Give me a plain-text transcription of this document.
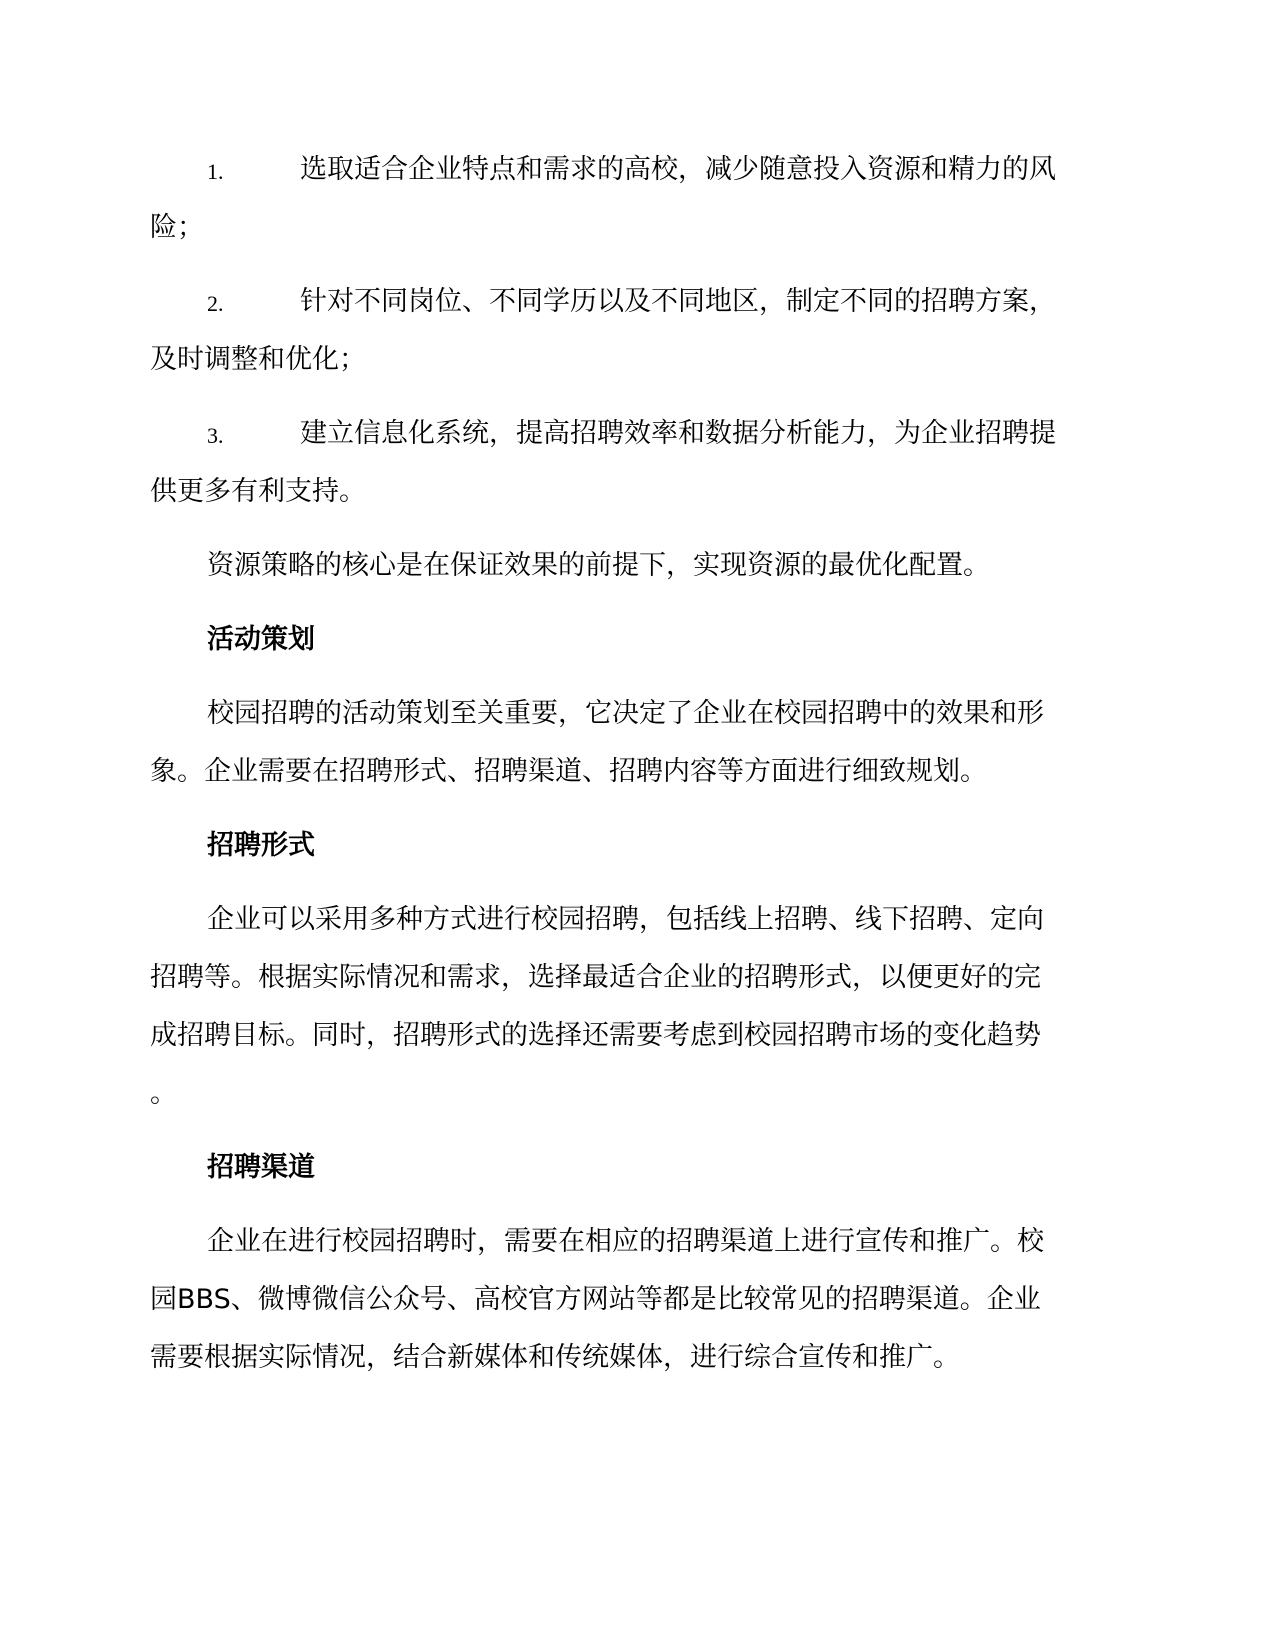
1.	选取适合企业特点和需求的高校，减少随意投入资源和精力的风
险；
2.	针对不同岗位、不同学历以及不同地区，制定不同的招聘方案，
及时调整和优化；
3.	建立信息化系统，提高招聘效率和数据分析能力，为企业招聘提
供更多有利支持。
资源策略的核心是在保证效果的前提下，实现资源的最优化配置。
活动策划
校园招聘的活动策划至关重要，它决定了企业在校园招聘中的效果和形
象。企业需要在招聘形式、招聘渠道、招聘内容等方面进行细致规划。
招聘形式
企业可以采用多种方式进行校园招聘，包括线上招聘、线下招聘、定向
招聘等。根据实际情况和需求，选择最适合企业的招聘形式，以便更好的完
成招聘目标。同时，招聘形式的选择还需要考虑到校园招聘市场的变化趋势
。
招聘渠道
企业在进行校园招聘时，需要在相应的招聘渠道上进行宣传和推广。校
园BBS、微博微信公众号、高校官方网站等都是比较常见的招聘渠道。企业
需要根据实际情况，结合新媒体和传统媒体，进行综合宣传和推广。
